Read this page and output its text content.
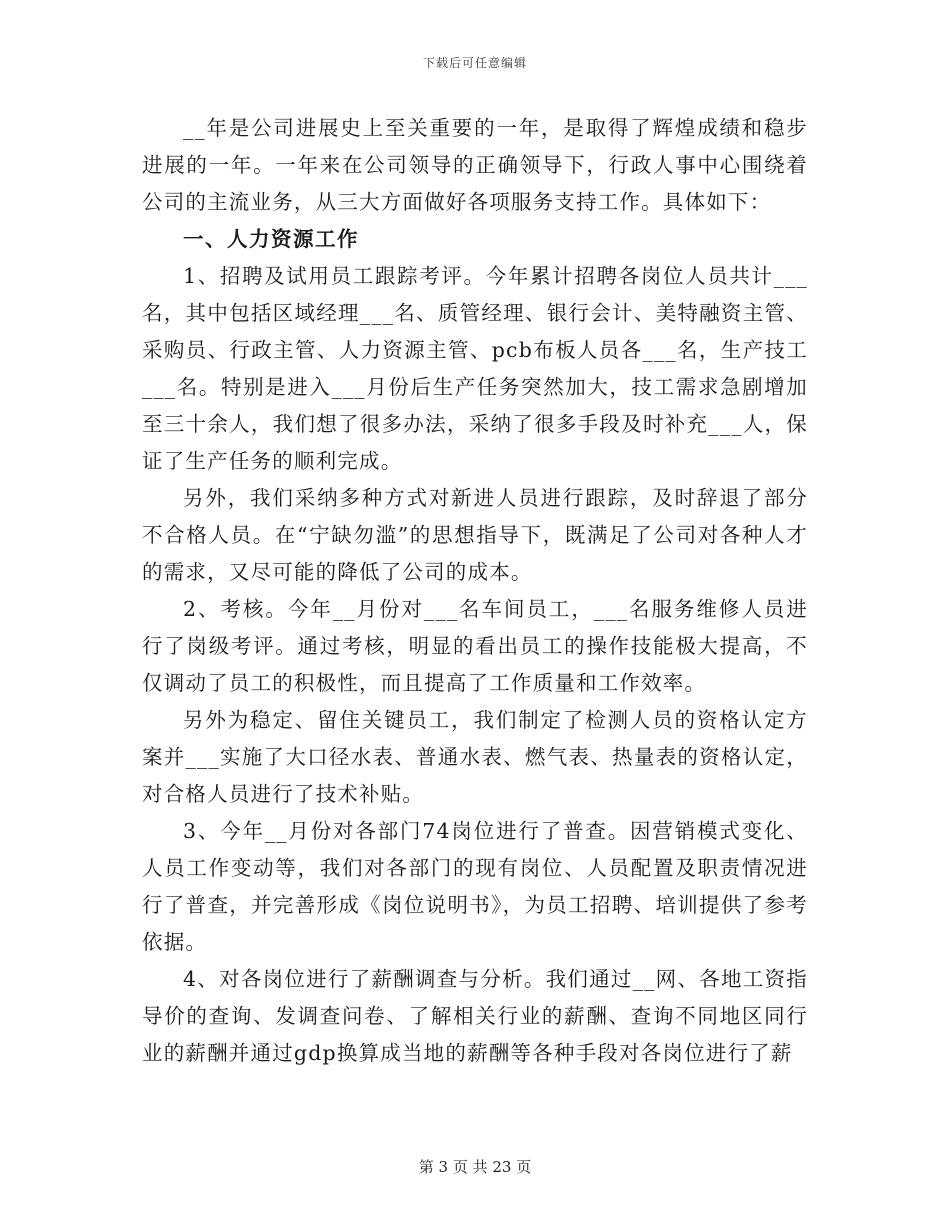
下载后可任意编辑

__年是公司进展史上至关重要的一年，是取得了辉煌成绩和稳步进展的一年。一年来在公司领导的正确领导下，行政人事中心围绕着公司的主流业务，从三大方面做好各项服务支持工作。具体如下：

一、人力资源工作

1、招聘及试用员工跟踪考评。今年累计招聘各岗位人员共计___名，其中包括区域经理___名、质管经理、银行会计、美特融资主管、采购员、行政主管、人力资源主管、pcb布板人员各___名，生产技工___名。特别是进入___月份后生产任务突然加大，技工需求急剧增加至三十余人，我们想了很多办法，采纳了很多手段及时补充___人，保证了生产任务的顺利完成。

另外，我们采纳多种方式对新进人员进行跟踪，及时辞退了部分不合格人员。在“宁缺勿滥”的思想指导下，既满足了公司对各种人才的需求，又尽可能的降低了公司的成本。

2、考核。今年__月份对___名车间员工，___名服务维修人员进行了岗级考评。通过考核，明显的看出员工的操作技能极大提高，不仅调动了员工的积极性，而且提高了工作质量和工作效率。

另外为稳定、留住关键员工，我们制定了检测人员的资格认定方案并___实施了大口径水表、普通水表、燃气表、热量表的资格认定，对合格人员进行了技术补贴。

3、今年__月份对各部门74岗位进行了普查。因营销模式变化、人员工作变动等，我们对各部门的现有岗位、人员配置及职责情况进行了普查，并完善形成《岗位说明书》，为员工招聘、培训提供了参考依据。

4、对各岗位进行了薪酬调查与分析。我们通过__网、各地工资指导价的查询、发调查问卷、了解相关行业的薪酬、查询不同地区同行业的薪酬并通过gdp换算成当地的薪酬等各种手段对各岗位进行了薪

第 3 页 共 23 页
